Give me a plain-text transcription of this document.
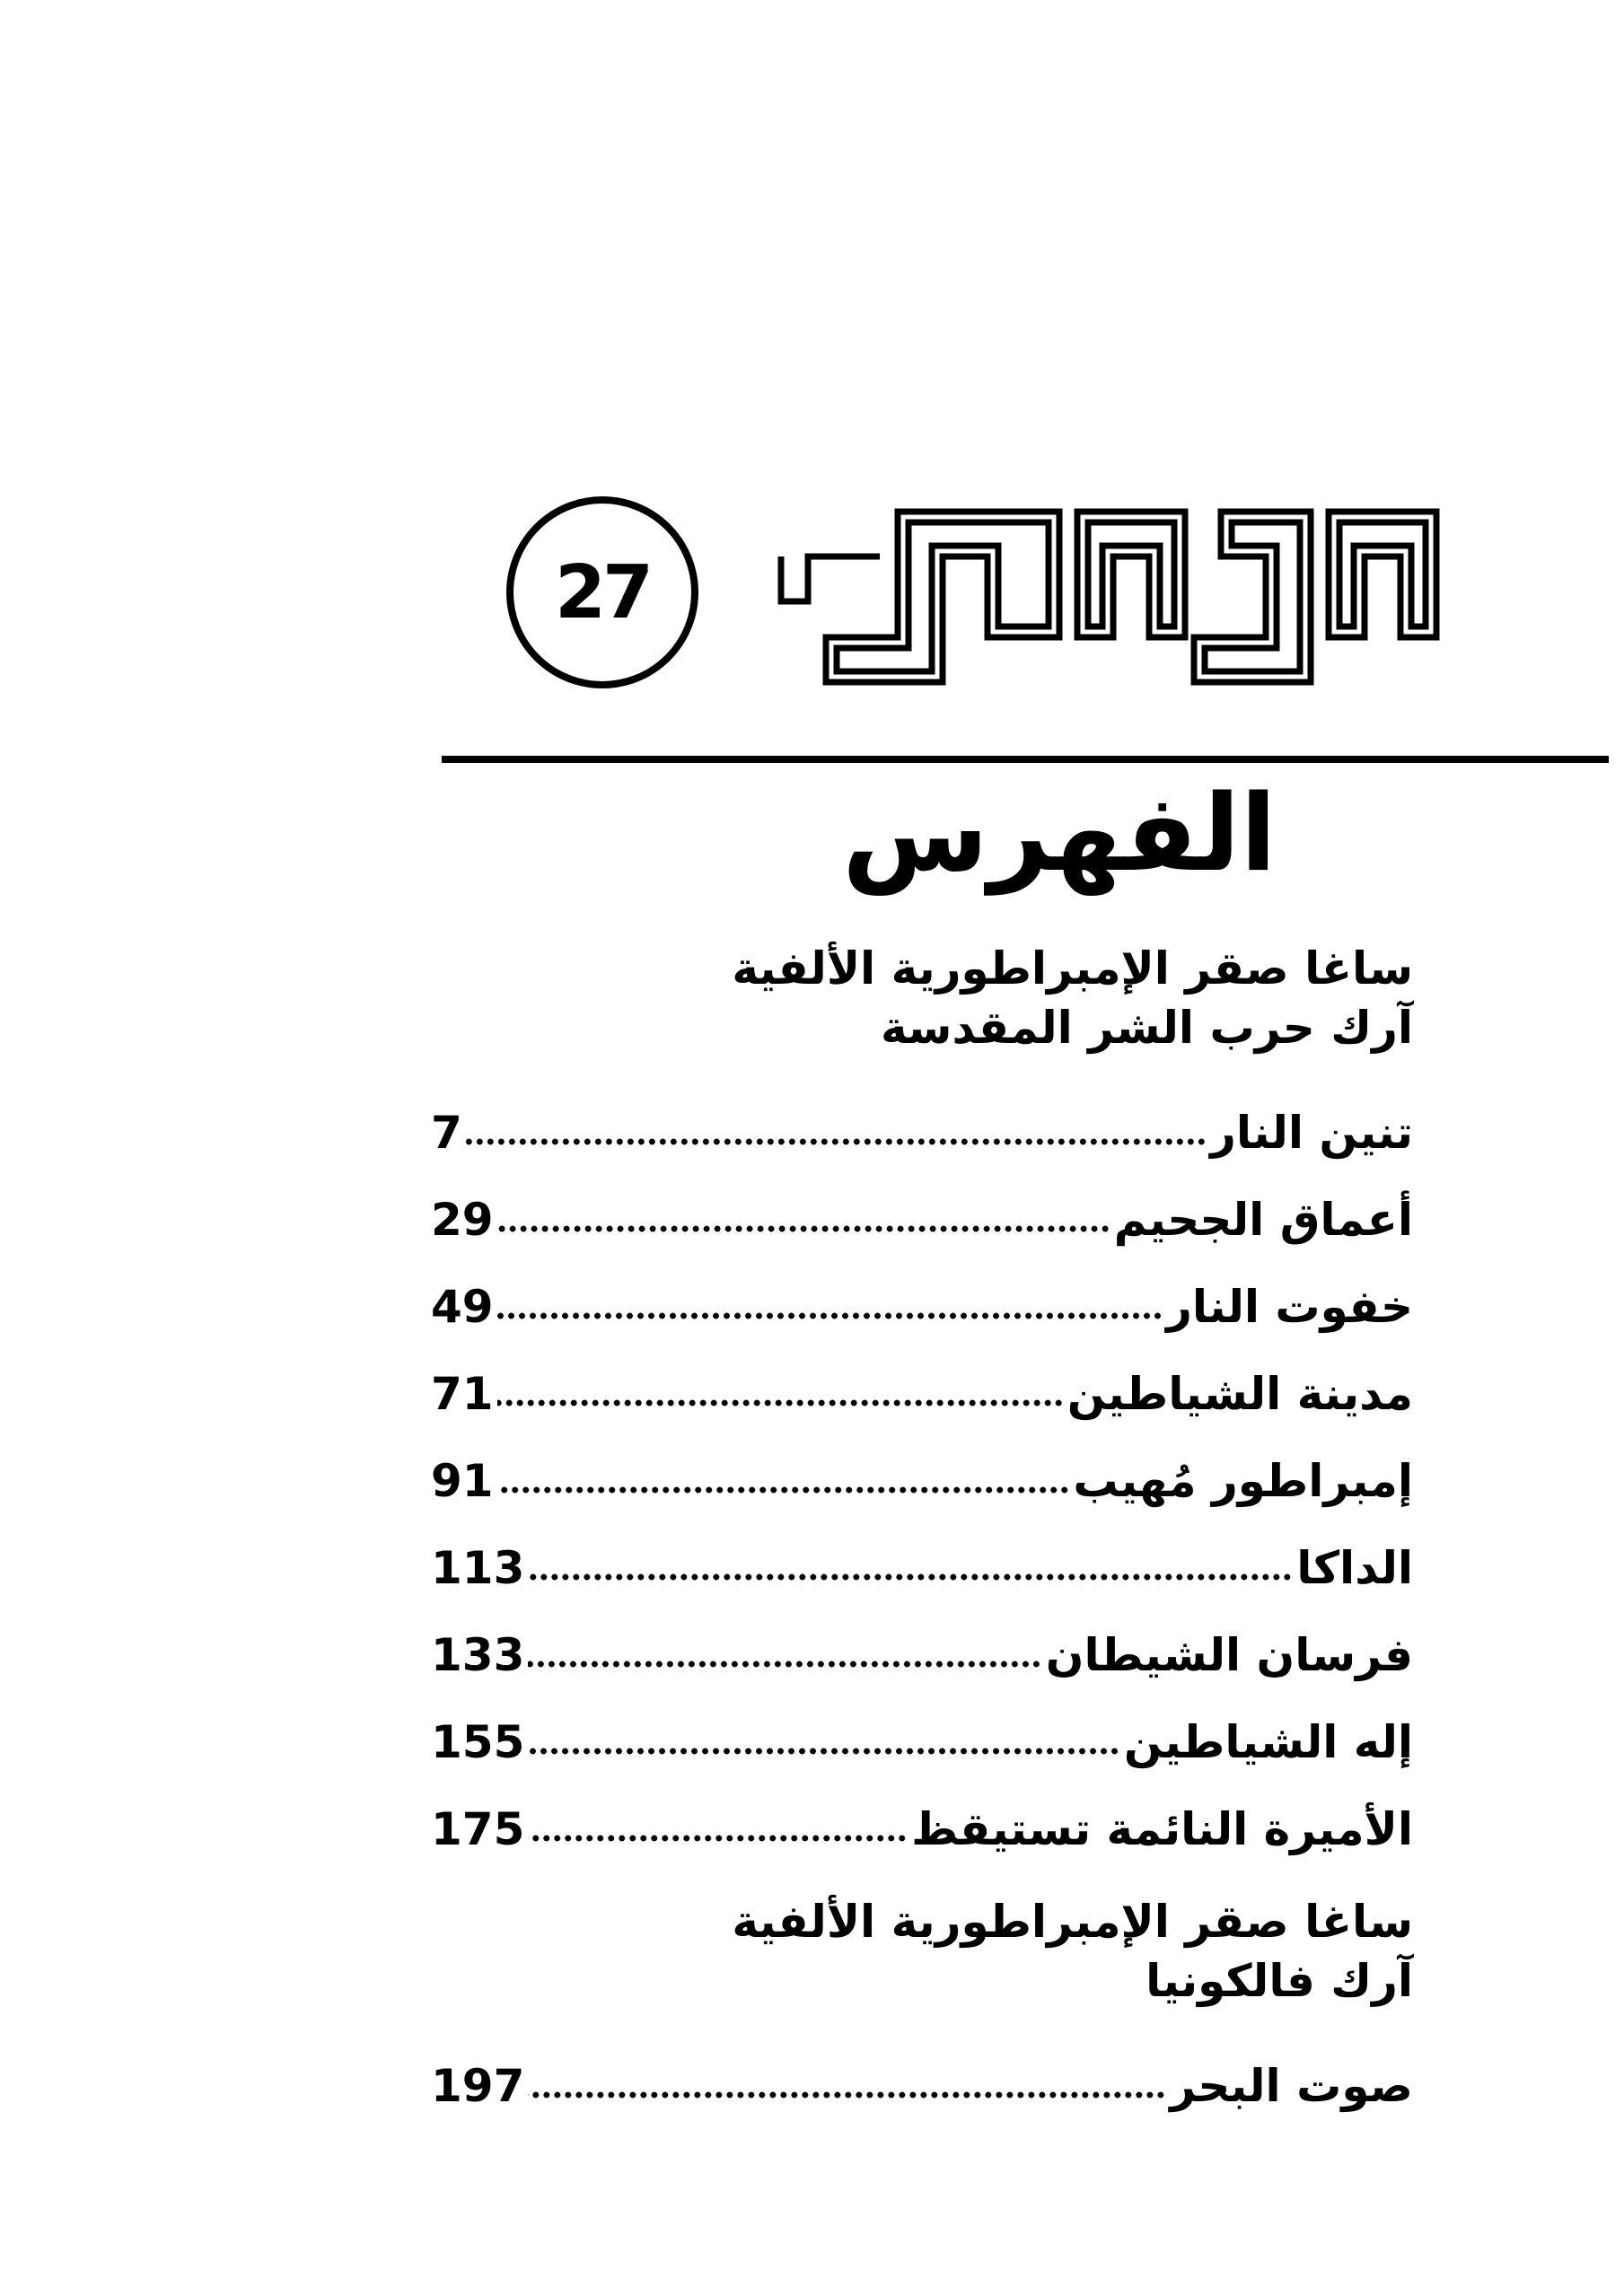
27
الفهرس
ساغا صقر الإمبراطورية الألفية
آرك حرب الشر المقدسة
تنين النار
7
أعماق الجحيم
29
خفوت النار
49
مدينة الشياطين
71
إمبراطور مُهيب
91
الداكا
113
فرسان الشيطان
133
إله الشياطين
155
الأميرة النائمة تستيقظ
175
ساغا صقر الإمبراطورية الألفية
آرك فالكونيا
صوت البحر
197
